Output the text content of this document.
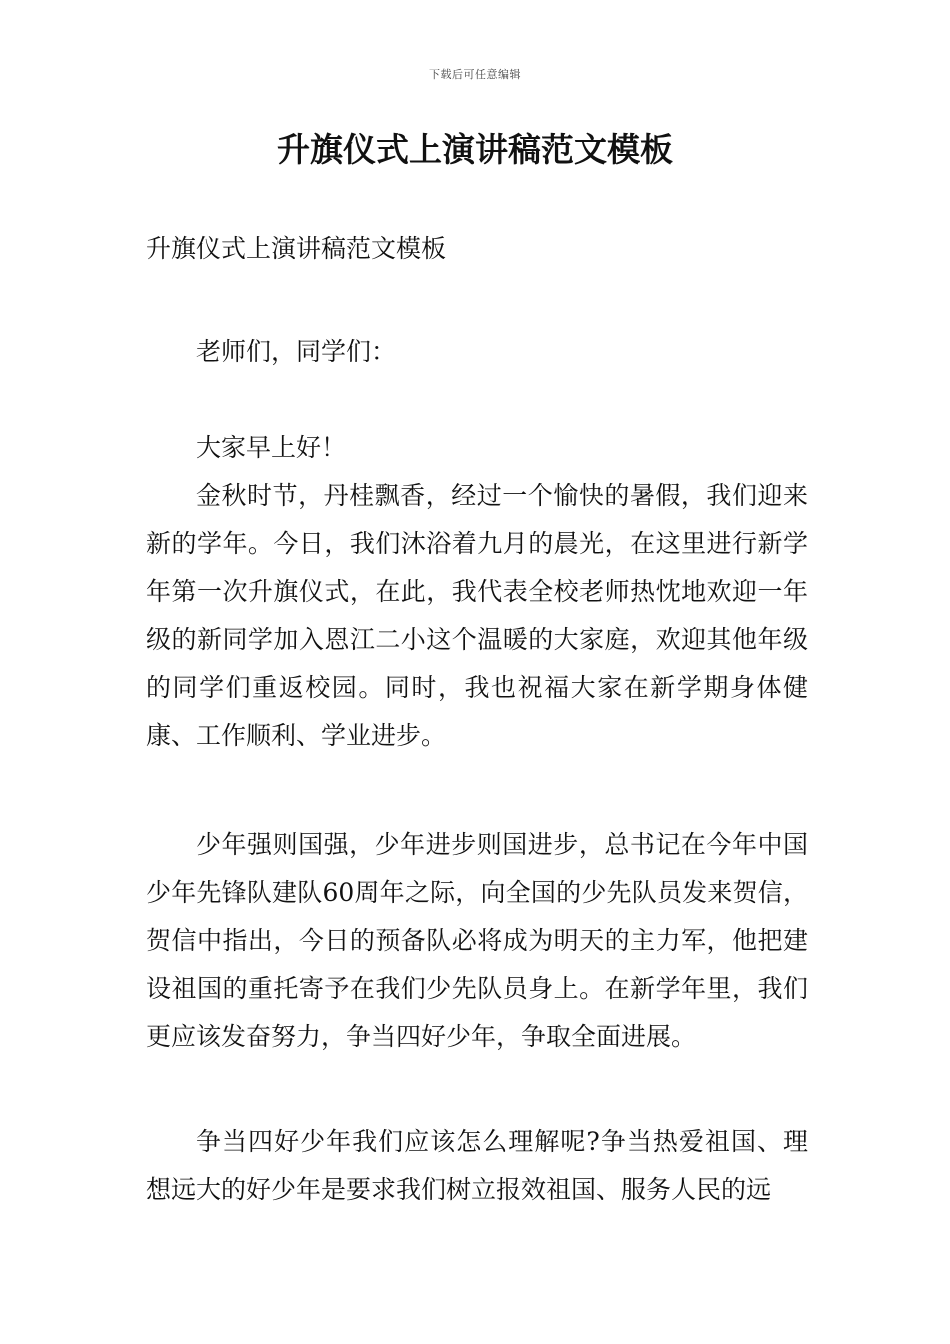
下载后可任意编辑
升旗仪式上演讲稿范文模板

升旗仪式上演讲稿范文模板

老师们，同学们：

大家早上好！

金秋时节，丹桂飘香，经过一个愉快的暑假，我们迎来新的学年。今日，我们沐浴着九月的晨光，在这里进行新学年第一次升旗仪式，在此，我代表全校老师热忱地欢迎一年级的新同学加入恩江二小这个温暖的大家庭，欢迎其他年级的同学们重返校园。同时，我也祝福大家在新学期身体健康、工作顺利、学业进步。

少年强则国强，少年进步则国进步，总书记在今年中国少年先锋队建队60周年之际，向全国的少先队员发来贺信，贺信中指出，今日的预备队必将成为明天的主力军，他把建设祖国的重托寄予在我们少先队员身上。在新学年里，我们更应该发奋努力，争当四好少年，争取全面进展。

争当四好少年我们应该怎么理解呢?争当热爱祖国、理想远大的好少年是要求我们树立报效祖国、服务人民的远
